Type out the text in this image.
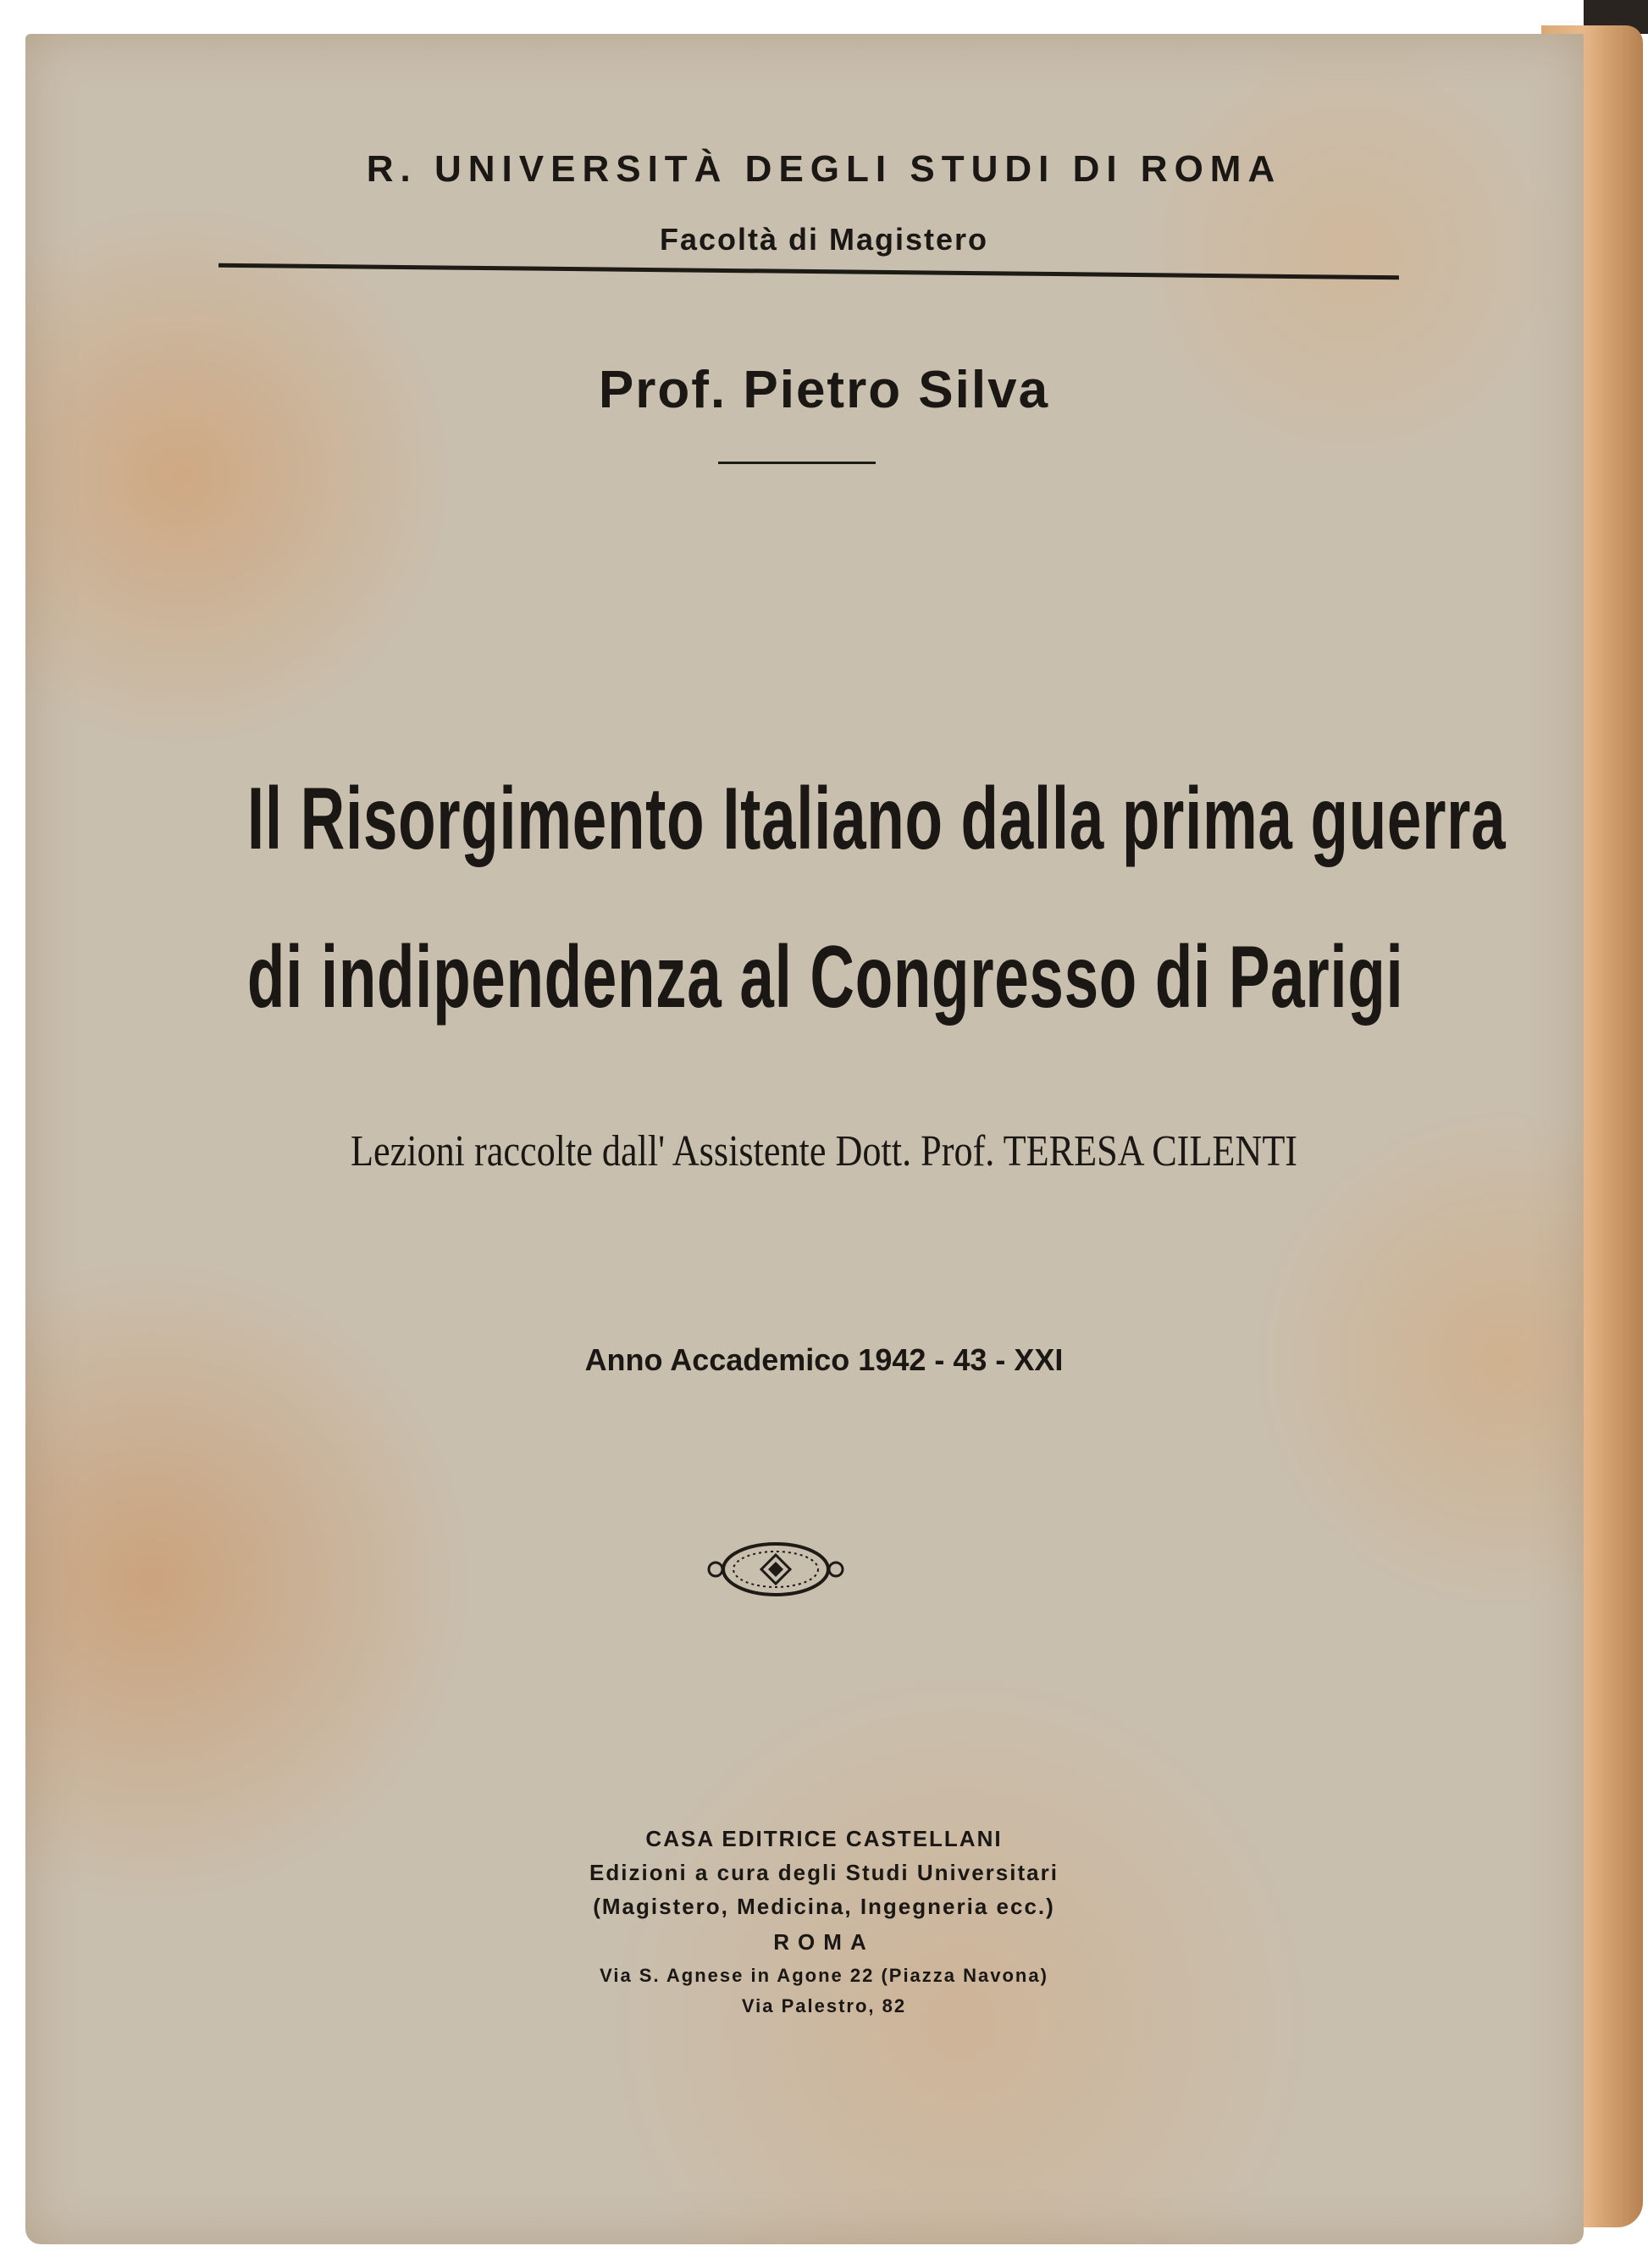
R. UNIVERSITÀ DEGLI STUDI DI ROMA
Facoltà di Magistero
Prof. Pietro Silva
Il Risorgimento Italiano dalla prima guerra
di indipendenza al Congresso di Parigi
Lezioni raccolte dall' Assistente Dott. Prof. TERESA CILENTI
Anno Accademico 1942 - 43 - XXI
CASA EDITRICE CASTELLANI
Edizioni a cura degli Studi Universitari
(Magistero, Medicina, Ingegneria ecc.)
ROMA
Via S. Agnese in Agone 22 (Piazza Navona)
Via Palestro, 82
